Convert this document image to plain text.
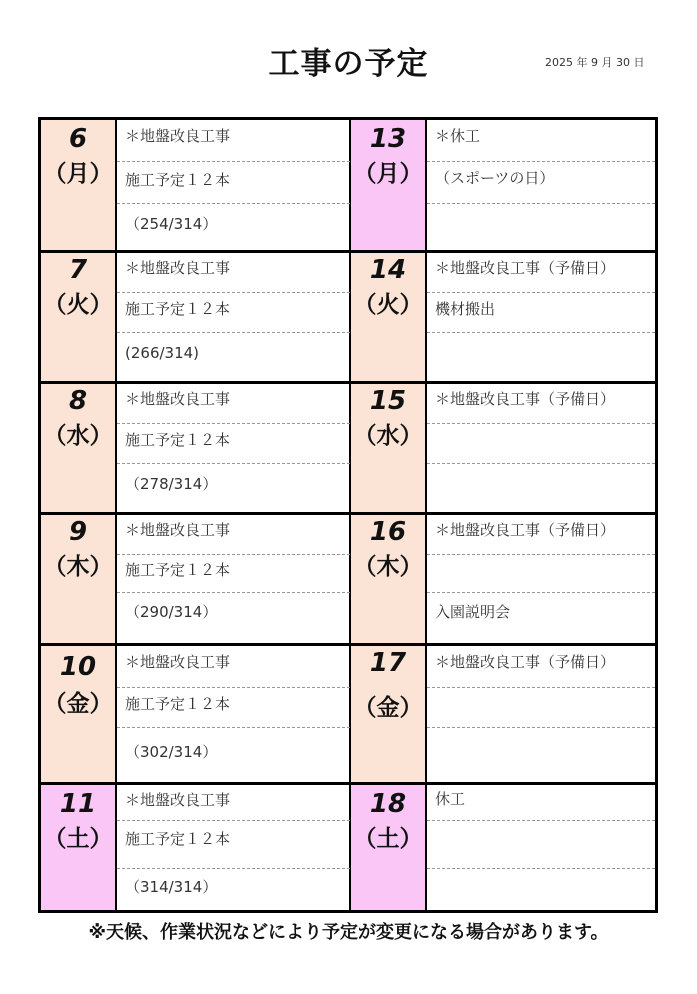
工事の予定	2025 年 9 月 30 日
6
（月）
＊地盤改良工事
施工予定１２本
（254/314）
7
（火）
＊地盤改良工事
施工予定１２本
(266/314)
8
（水）
＊地盤改良工事
施工予定１２本
（278/314）
9
（木）
＊地盤改良工事
施工予定１２本
（290/314）
10
（金）
＊地盤改良工事
施工予定１２本
（302/314）
11
（土）
＊地盤改良工事
施工予定１２本
（314/314）
13
（月）
＊休工
（スポーツの日）
14
（火）
＊地盤改良工事（予備日）
機材搬出
15
（水）
＊地盤改良工事（予備日）
16
（木）
＊地盤改良工事（予備日）
入園説明会
17
（金）
＊地盤改良工事（予備日）
18
（土）
休工
※天候、作業状況などにより予定が変更になる場合があります。
